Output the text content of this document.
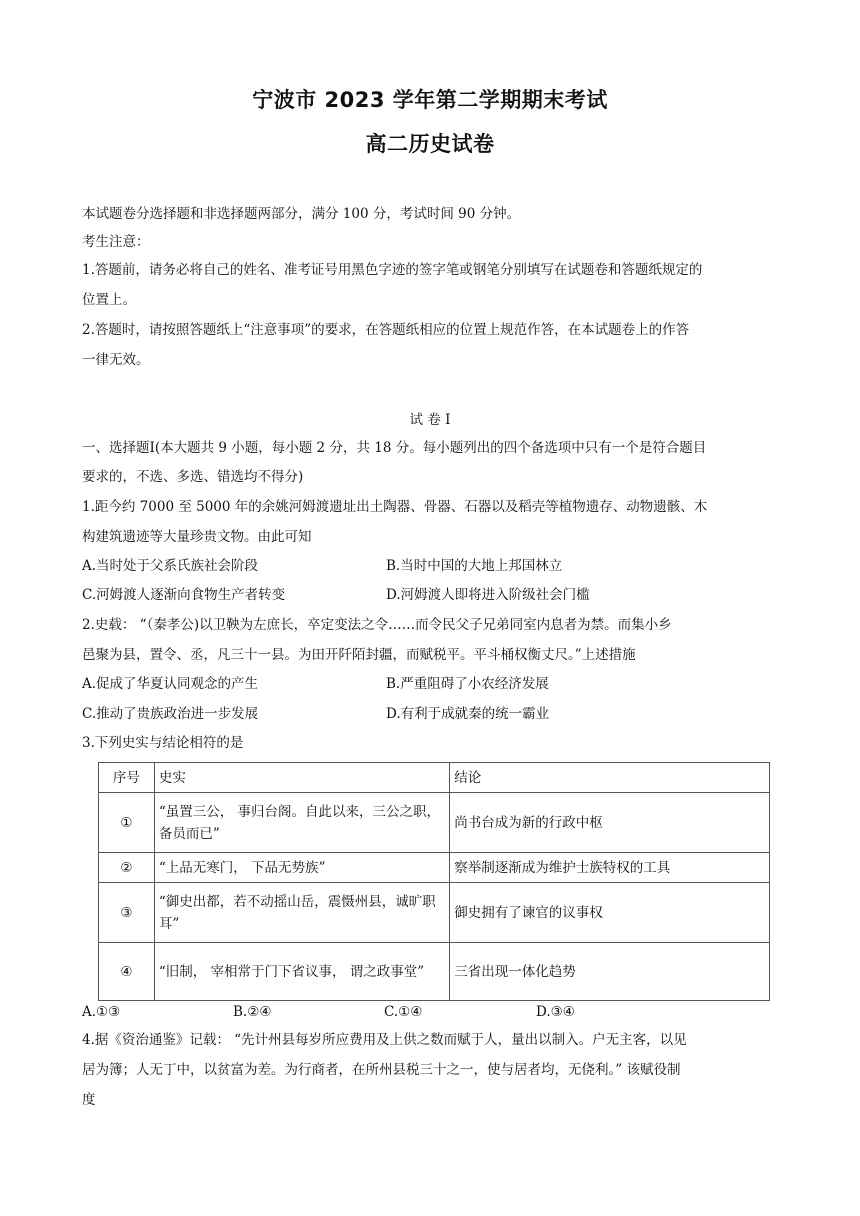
宁波市 2023 学年第二学期期末考试
高二历史试卷
本试题卷分选择题和非选择题两部分，满分 100 分，考试时间 90 分钟。
考生注意：
1.答题前，请务必将自己的姓名、准考证号用黑色字迹的签字笔或钢笔分别填写在试题卷和答题纸规定的
位置上。
2.答题时，请按照答题纸上“注意事项”的要求，在答题纸相应的位置上规范作答，在本试题卷上的作答
一律无效。
试 卷 I
一、选择题Ⅰ(本大题共 9 小题，每小题 2 分，共 18 分。每小题列出的四个备选项中只有一个是符合题目
要求的，不选、多选、错选均不得分)
1.距今约 7000 至 5000 年的余姚河姆渡遗址出土陶器、骨器、石器以及稻壳等植物遗存、动物遗骸、木
构建筑遗迹等大量珍贵文物。由此可知
A.当时处于父系氏族社会阶段	B.当时中国的大地上邦国林立
C.河姆渡人逐渐向食物生产者转变	D.河姆渡人即将进入阶级社会门槛
2.史载： “（秦孝公)以卫鞅为左庶长，卒定变法之令……而令民父子兄弟同室内息者为禁。而集小乡
邑聚为县，置令、丞，凡三十一县。为田开阡陌封疆，而赋税平。平斗桶权衡丈尺。”上述措施
A.促成了华夏认同观念的产生	B.严重阻碍了小农经济发展
C.推动了贵族政治进一步发展	D.有利于成就秦的统一霸业
3.下列史实与结论相符的是
序号	史实	结论
①	“虽置三公， 事归台阁。自此以来，三公之职， 备员而已”	尚书台成为新的行政中枢
②	“上品无寒门， 下品无势族”	察举制逐渐成为维护士族特权的工具
③	“御史出都，若不动摇山岳，震慑州县，诚旷职耳”	御史拥有了谏官的议事权
④	“旧制， 宰相常于门下省议事， 谓之政事堂”	三省出现一体化趋势
A.①③	B.②④	C.①④	D.③④
4.据《资治通鉴》记载： “先计州县每岁所应费用及上供之数而赋于人，量出以制入。户无主客，以见
居为簿；人无丁中，以贫富为差。为行商者，在所州县税三十之一，使与居者均，无侥利。” 该赋役制
度
